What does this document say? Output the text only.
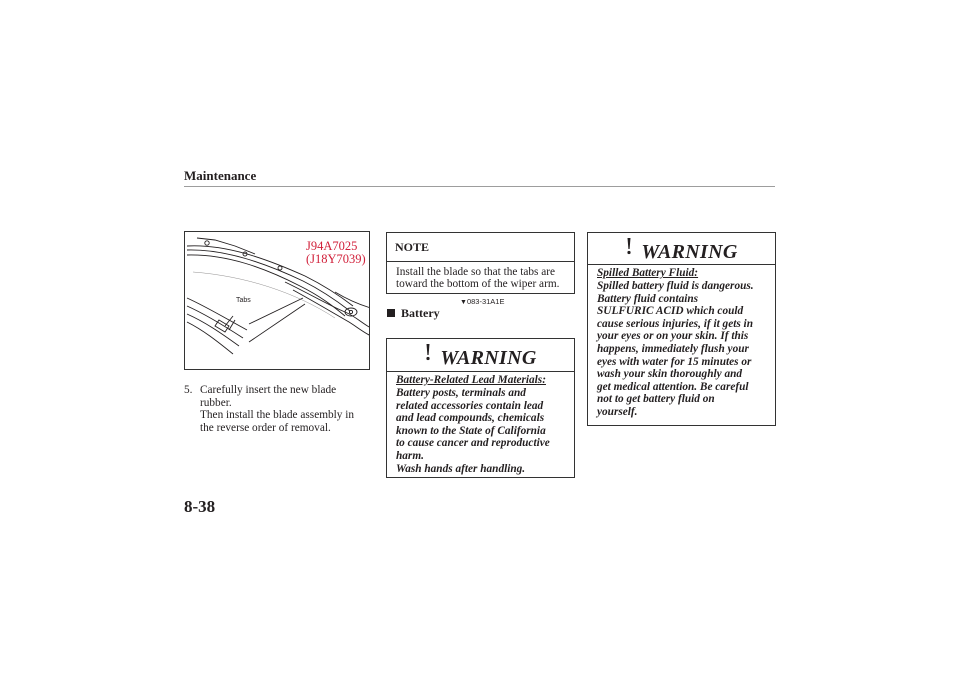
Maintenance
J94A7025
(J18Y7039)
Tabs
5. Carefully insert the new blade
rubber.
Then install the blade assembly in
the reverse order of removal.
NOTE
Install the blade so that the tabs are
toward the bottom of the wiper arm.
▼083-31A1E
Battery
WARNING
Battery-Related Lead Materials:
Battery posts, terminals and
related accessories contain lead
and lead compounds, chemicals
known to the State of California
to cause cancer and reproductive
harm.
Wash hands after handling.
WARNING
Spilled Battery Fluid:
Spilled battery fluid is dangerous.
Battery fluid contains
SULFURIC ACID which could
cause serious injuries, if it gets in
your eyes or on your skin. If this
happens, immediately flush your
eyes with water for 15 minutes or
wash your skin thoroughly and
get medical attention. Be careful
not to get battery fluid on
yourself.
8-38
